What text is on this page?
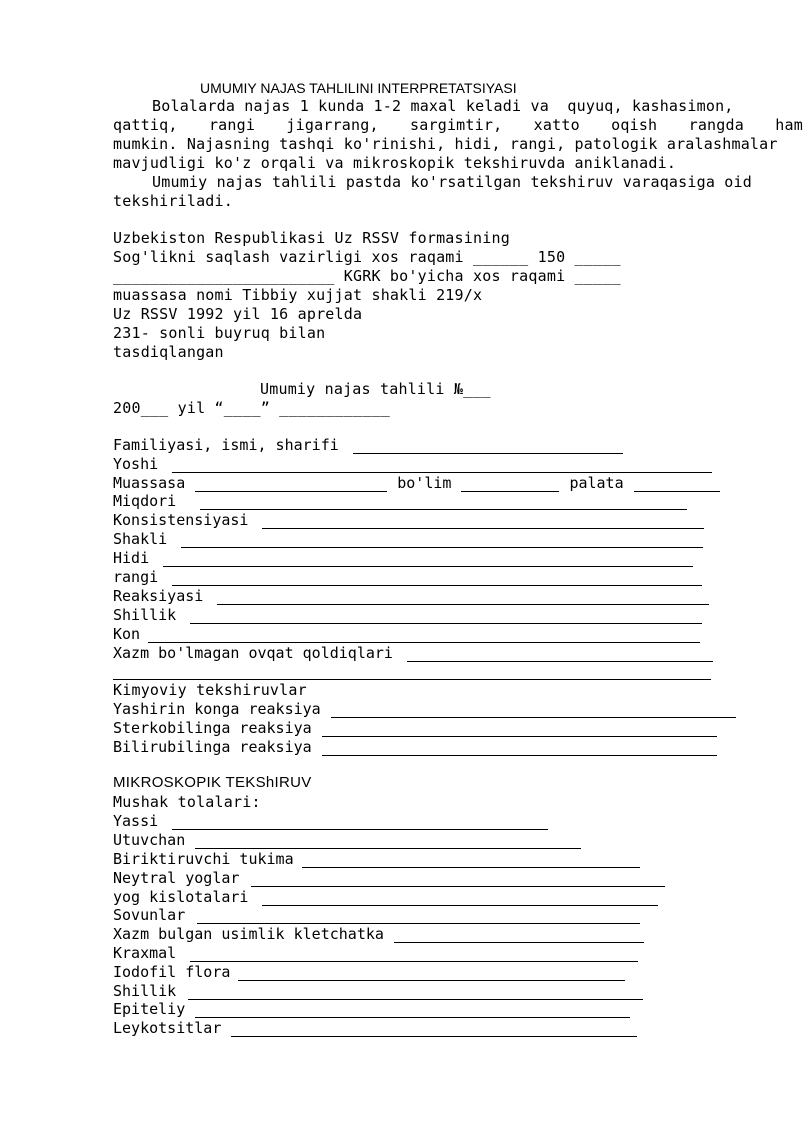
UMUMIY NAJAS TAHLILINI INTERPRETATSIYASI
Bolalarda najas 1 kunda 1-2 maxal keladi va  quyuq, kashasimon,
qattiq, rangi jigarrang, sargimtir, xatto oqish rangda ham
mumkin. Najasning tashqi ko'rinishi, hidi, rangi, patologik aralashmalar
mavjudligi ko'z orqali va mikroskopik tekshiruvda aniklanadi.
Umumiy najas tahlili pastda ko'rsatilgan tekshiruv varaqasiga oid
tekshiriladi.
Uzbekiston Respublikasi Uz RSSV formasining
Sog'likni saqlash vazirligi xos raqami ______ 150 _____
________________________ KGRK bo'yicha xos raqami _____
muassasa nomi Tibbiy xujjat shakli 219/x
Uz RSSV 1992 yil 16 aprelda
231- sonli buyruq bilan
tasdiqlangan
Umumiy najas tahlili №___
200___ yil “____” ____________
Familiyasi, ismi, sharifi
Yoshi
Muassasa	bo'lim	palata
Miqdori
Konsistensiyasi
Shakli
Hidi
rangi
Reaksiyasi
Shillik
Kon
Xazm bo'lmagan ovqat qoldiqlari
Kimyoviy tekshiruvlar
Yashirin konga reaksiya
Sterkobilinga reaksiya
Bilirubilinga reaksiya
MIKROSKOPIK TEKShIRUV
Mushak tolalari:
Yassi
Utuvchan
Biriktiruvchi tukima
Neytral yoglar
yog kislotalari
Sovunlar
Xazm bulgan usimlik kletchatka
Kraxmal
Iodofil flora
Shillik
Epiteliy
Leykotsitlar
